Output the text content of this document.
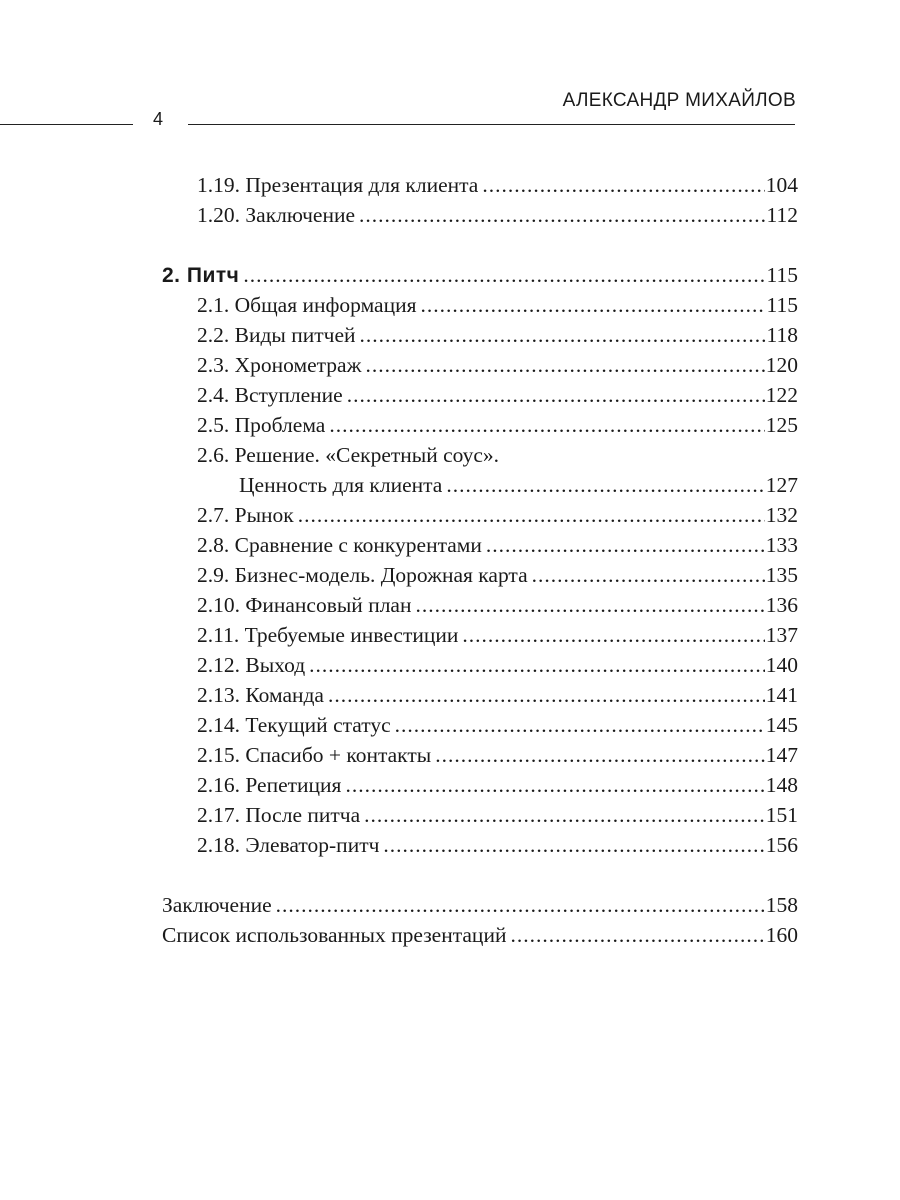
АЛЕКСАНДР МИХАЙЛОВ
4
1.19. Презентация для клиента .....	104
1.20. Заключение .....	112
2. Питч .....	115
2.1. Общая информация .....	115
2.2. Виды питчей .....	118
2.3. Хронометраж .....	120
2.4. Вступление .....	122
2.5. Проблема .....	125
2.6. Решение. «Секретный соус».
Ценность для клиента .....	127
2.7. Рынок .....	132
2.8. Сравнение с конкурентами .....	133
2.9. Бизнес-модель. Дорожная карта .....	135
2.10. Финансовый план .....	136
2.11. Требуемые инвестиции .....	137
2.12. Выход .....	140
2.13. Команда .....	141
2.14. Текущий статус .....	145
2.15. Спасибо + контакты .....	147
2.16. Репетиция .....	148
2.17. После питча .....	151
2.18. Элеватор-питч .....	156
Заключение .....	158
Список использованных презентаций .....	160
